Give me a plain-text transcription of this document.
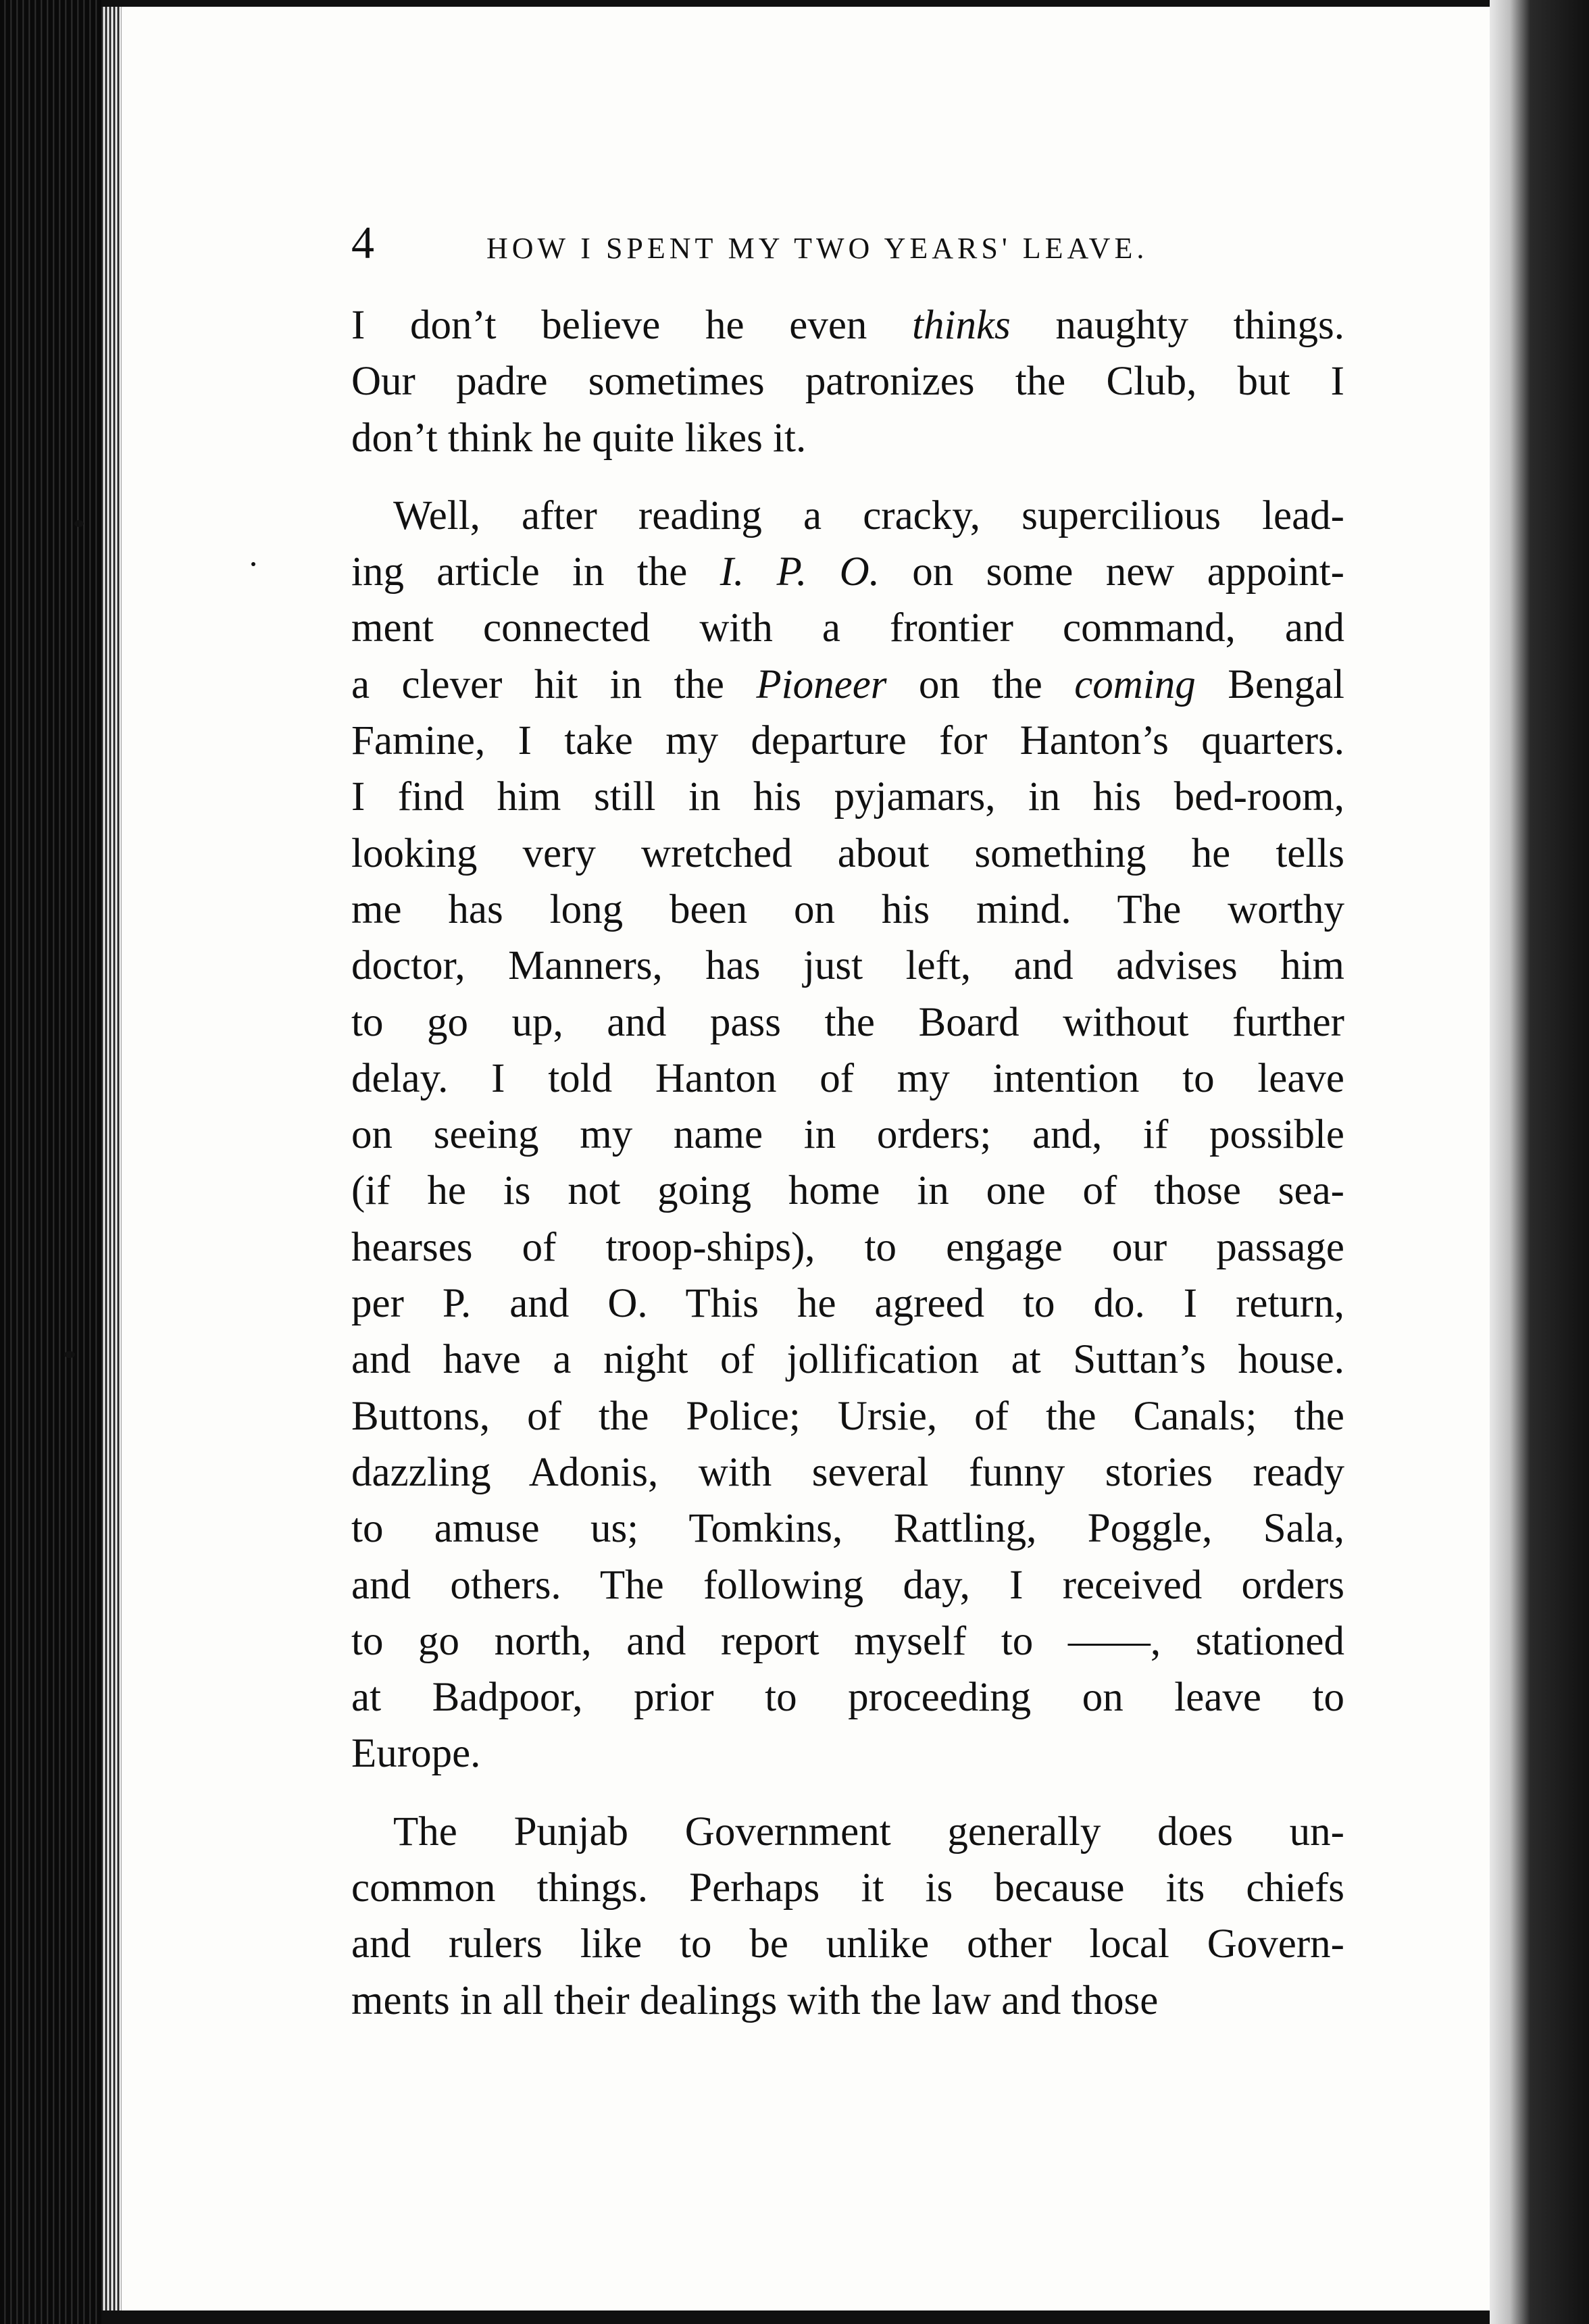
4	HOW I SPENT MY TWO YEARS' LEAVE.
I don’t believe he even thinks naughty things.
Our padre sometimes patronizes the Club, but I
don’t think he quite likes it.
Well, after reading a cracky, supercilious lead-
ing article in the I. P. O. on some new appoint-
ment connected with a frontier command, and
a clever hit in the Pioneer on the coming Bengal
Famine, I take my departure for Hanton’s quarters.
I find him still in his pyjamars, in his bed-room,
looking very wretched about something he tells
me has long been on his mind. The worthy
doctor, Manners, has just left, and advises him
to go up, and pass the Board without further
delay. I told Hanton of my intention to leave
on seeing my name in orders; and, if possible
(if he is not going home in one of those sea-
hearses of troop-ships), to engage our passage
per P. and O. This he agreed to do. I return,
and have a night of jollification at Suttan’s house.
Buttons, of the Police; Ursie, of the Canals; the
dazzling Adonis, with several funny stories ready
to amuse us; Tomkins, Rattling, Poggle, Sala,
and others. The following day, I received orders
to go north, and report myself to ——, stationed
at Badpoor, prior to proceeding on leave to
Europe.
The Punjab Government generally does un-
common things. Perhaps it is because its chiefs
and rulers like to be unlike other local Govern-
ments in all their dealings with the law and those
